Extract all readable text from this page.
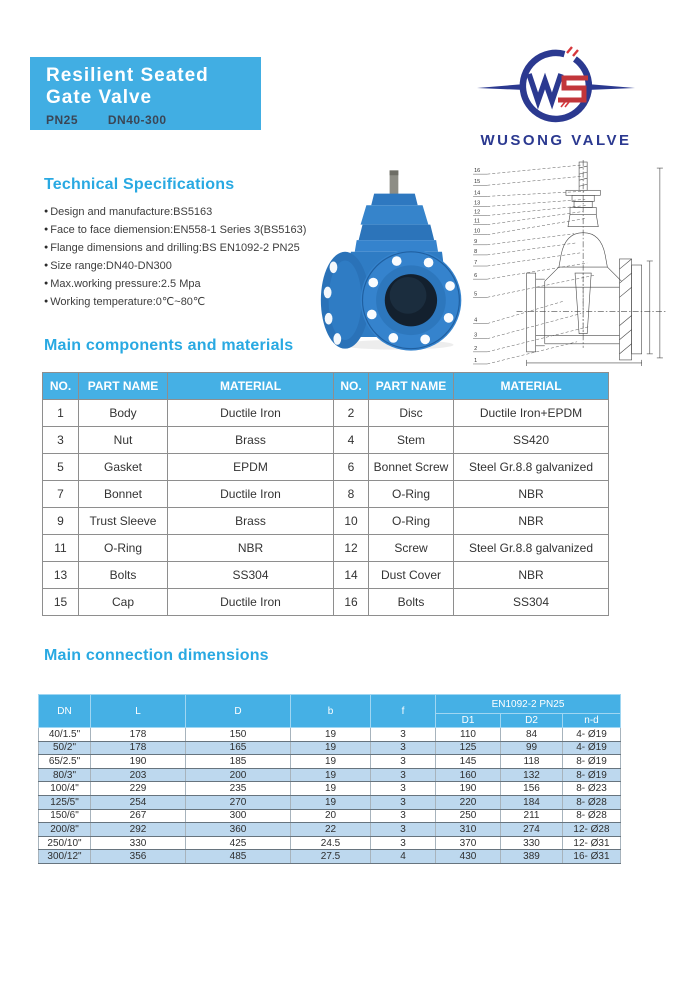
Resilient Seated
Gate Valve
PN25 DN40-300
WUSONG VALVE
Technical Specifications
● Design and manufacture:BS5163
● Face to face diemension:EN558-1 Series 3(BS5163)
● Flange dimensions and drilling:BS EN1092-2 PN25
● Size range:DN40-DN300
● Max.working pressure:2.5 Mpa
● Working temperature:0℃~80℃
16
15
14
13
12
11
10
9
8
7
6
5
4
3
2
1
Main components and materials
NO.	PART NAME	MATERIAL	NO.	PART NAME	MATERIAL
1	Body	Ductile Iron	2	Disc	Ductile Iron+EPDM
3	Nut	Brass	4	Stem	SS420
5	Gasket	EPDM	6	Bonnet Screw	Steel Gr.8.8 galvanized
7	Bonnet	Ductile Iron	8	O-Ring	NBR
9	Trust Sleeve	Brass	10	O-Ring	NBR
11	O-Ring	NBR	12	Screw	Steel Gr.8.8 galvanized
13	Bolts	SS304	14	Dust Cover	NBR
15	Cap	Ductile Iron	16	Bolts	SS304
Main connection dimensions
DN	L	D	b	f	EN1092-2 PN25		
					D1	D2	n-d
40/1.5"	178	150	19	3	110	84	4- Ø19
50/2"	178	165	19	3	125	99	4- Ø19
65/2.5"	190	185	19	3	145	118	8- Ø19
80/3"	203	200	19	3	160	132	8- Ø19
100/4"	229	235	19	3	190	156	8- Ø23
125/5"	254	270	19	3	220	184	8- Ø28
150/6"	267	300	20	3	250	211	8- Ø28
200/8"	292	360	22	3	310	274	12- Ø28
250/10"	330	425	24.5	3	370	330	12- Ø31
300/12"	356	485	27.5	4	430	389	16- Ø31
